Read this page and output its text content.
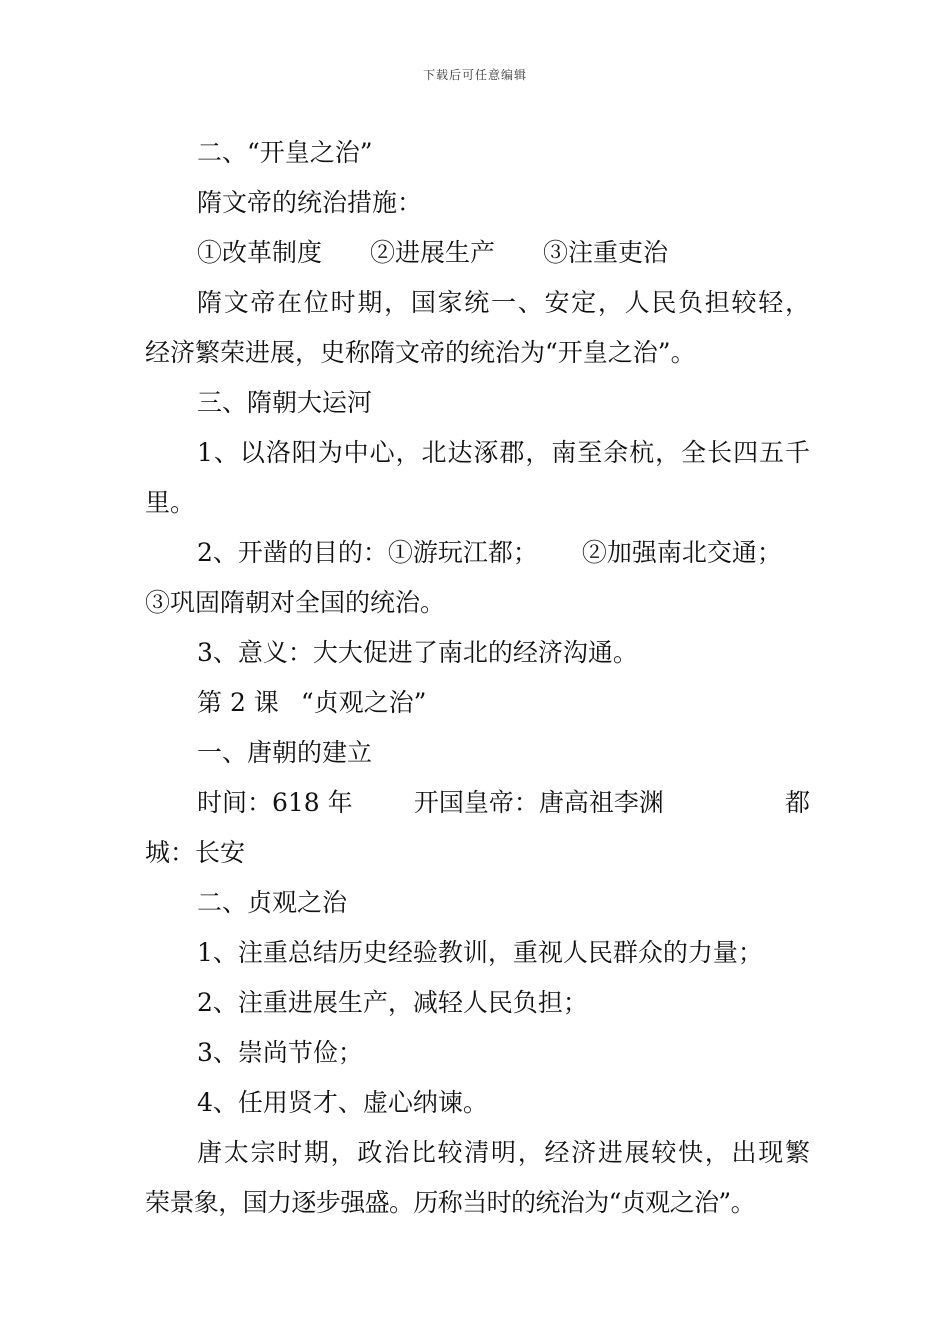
下载后可任意编辑

二、“开皇之治”

隋文帝的统治措施：

①改革制度 ②进展生产 ③注重吏治

隋文帝在位时期，国家统一、安定，人民负担较轻，

经济繁荣进展，史称隋文帝的统治为“开皇之治”。

三、隋朝大运河

1、以洛阳为中心，北达涿郡，南至余杭，全长四五千

里。

2、开凿的目的：①游玩江都； ②加强南北交通；

③巩固隋朝对全国的统治。

3、意义：大大促进了南北的经济沟通。

第 2 课 “贞观之治”

一、唐朝的建立

时间：618 年 开国皇帝：唐高祖李渊	都

城：长安

二、贞观之治

1、注重总结历史经验教训，重视人民群众的力量；

2、注重进展生产，减轻人民负担；

3、崇尚节俭；

4、任用贤才、虚心纳谏。

唐太宗时期，政治比较清明，经济进展较快，出现繁

荣景象，国力逐步强盛。历称当时的统治为“贞观之治”。
